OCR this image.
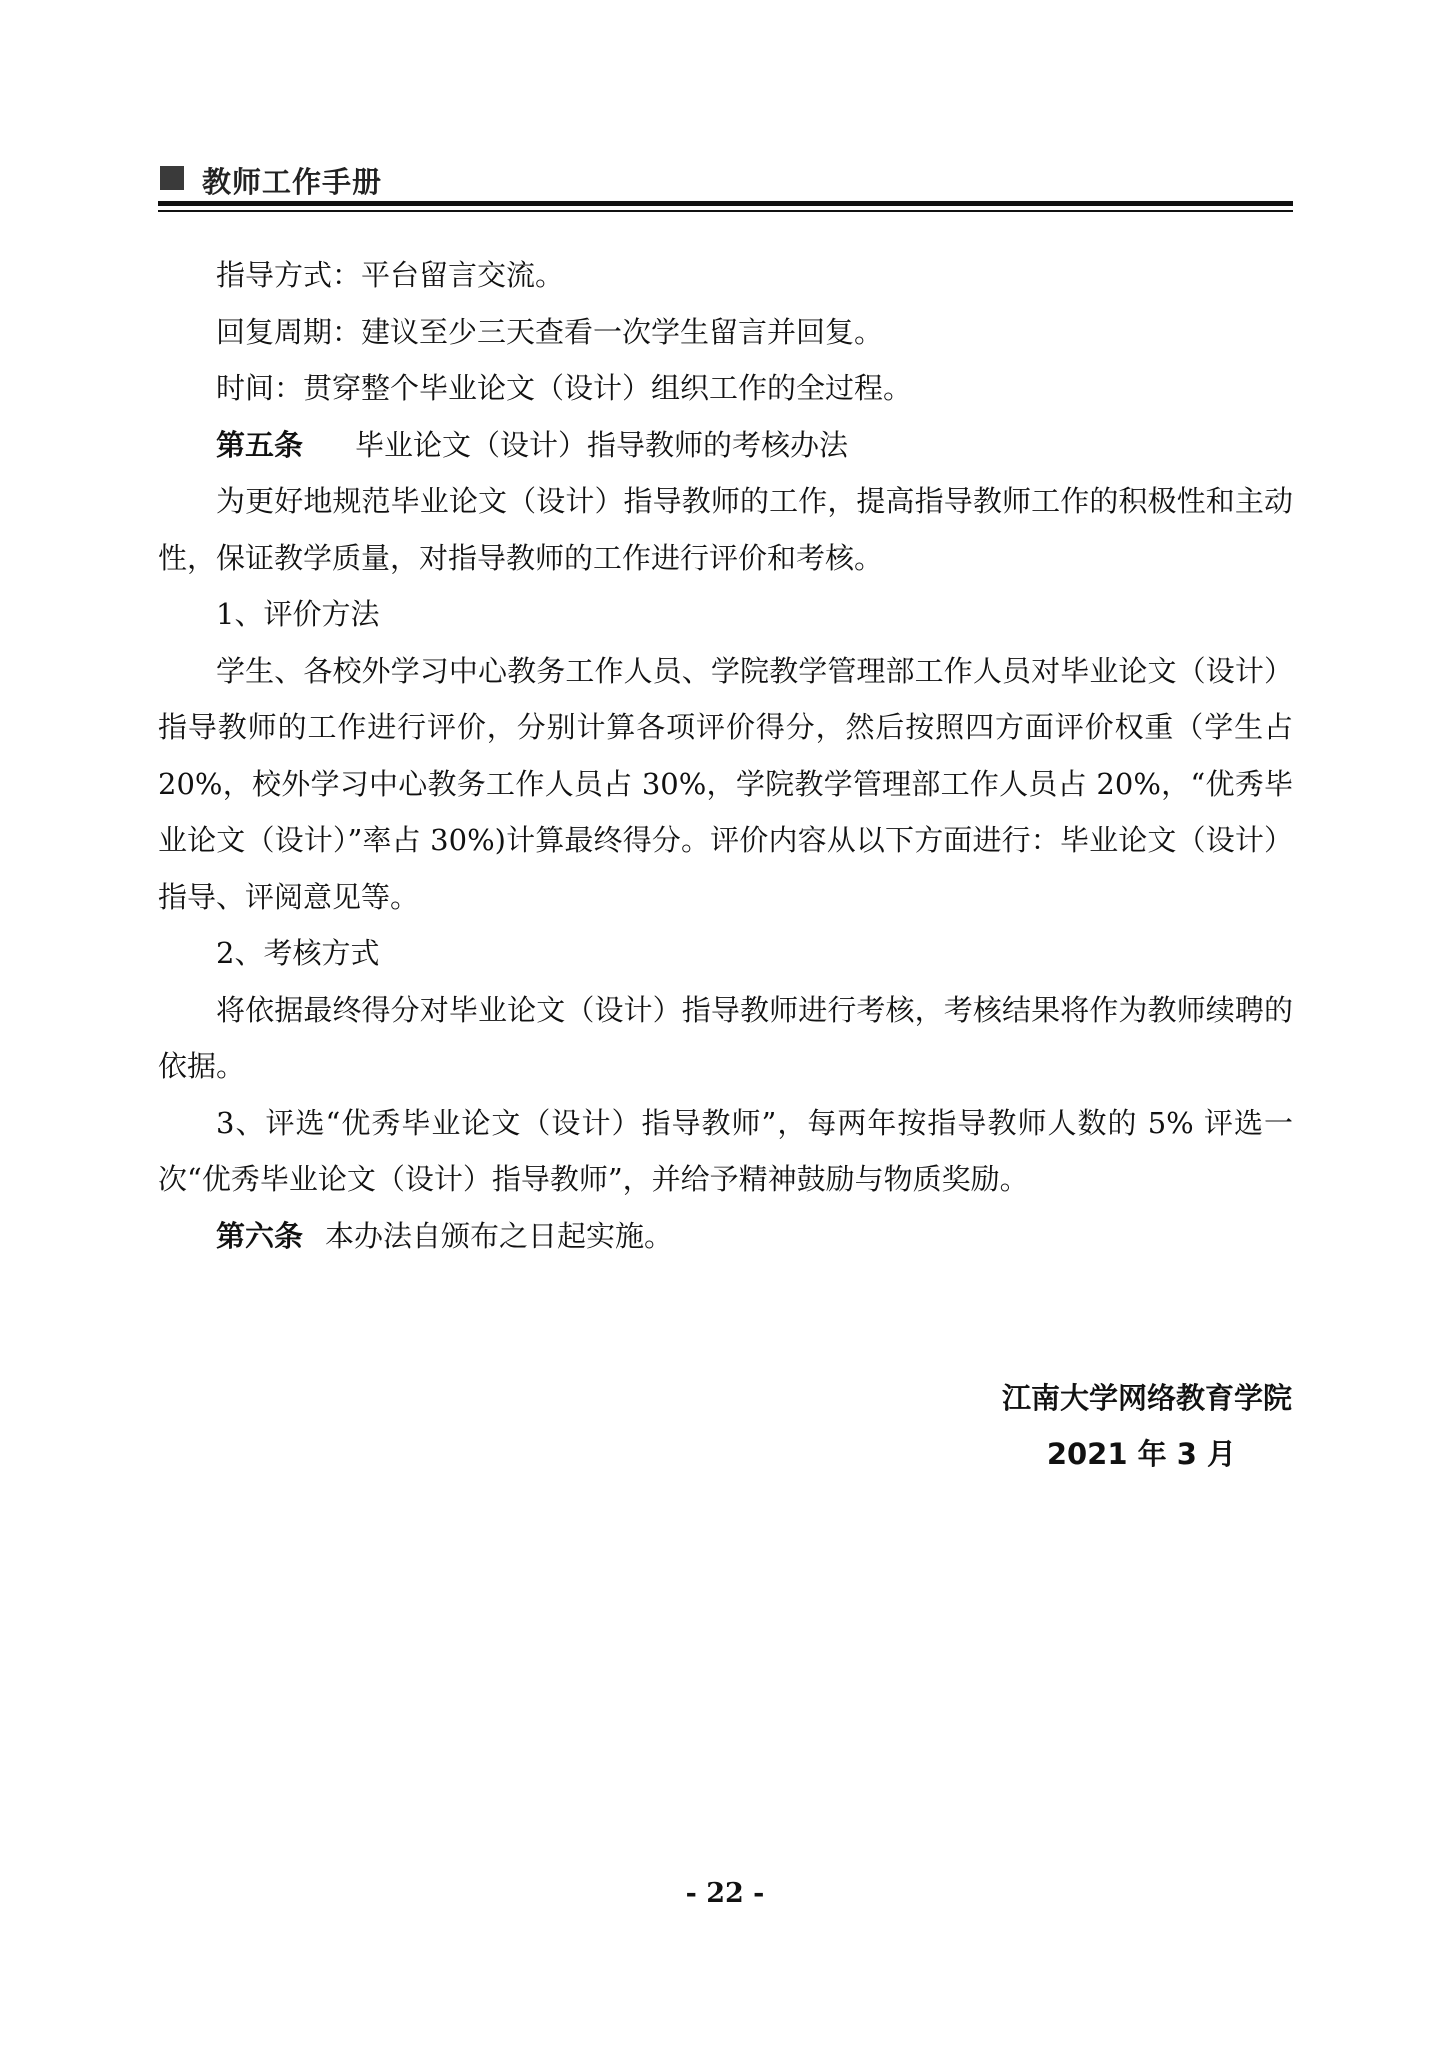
教师工作手册

指导方式：平台留言交流。

回复周期：建议至少三天查看一次学生留言并回复。

时间：贯穿整个毕业论文（设计）组织工作的全过程。

第五条 毕业论文（设计）指导教师的考核办法

为更好地规范毕业论文（设计）指导教师的工作，提高指导教师工作的积极性和主动性，保证教学质量，对指导教师的工作进行评价和考核。

1、评价方法

学生、各校外学习中心教务工作人员、学院教学管理部工作人员对毕业论文（设计）指导教师的工作进行评价，分别计算各项评价得分，然后按照四方面评价权重（学生占20%，校外学习中心教务工作人员占 30%，学院教学管理部工作人员占 20%，“优秀毕业论文（设计）”率占 30%)计算最终得分。评价内容从以下方面进行：毕业论文（设计）指导、评阅意见等。

2、考核方式

将依据最终得分对毕业论文（设计）指导教师进行考核，考核结果将作为教师续聘的依据。

3、评选“优秀毕业论文（设计）指导教师”，每两年按指导教师人数的 5% 评选一次“优秀毕业论文（设计）指导教师”，并给予精神鼓励与物质奖励。

第六条 本办法自颁布之日起实施。

江南大学网络教育学院
2021 年 3 月
- 22 -
